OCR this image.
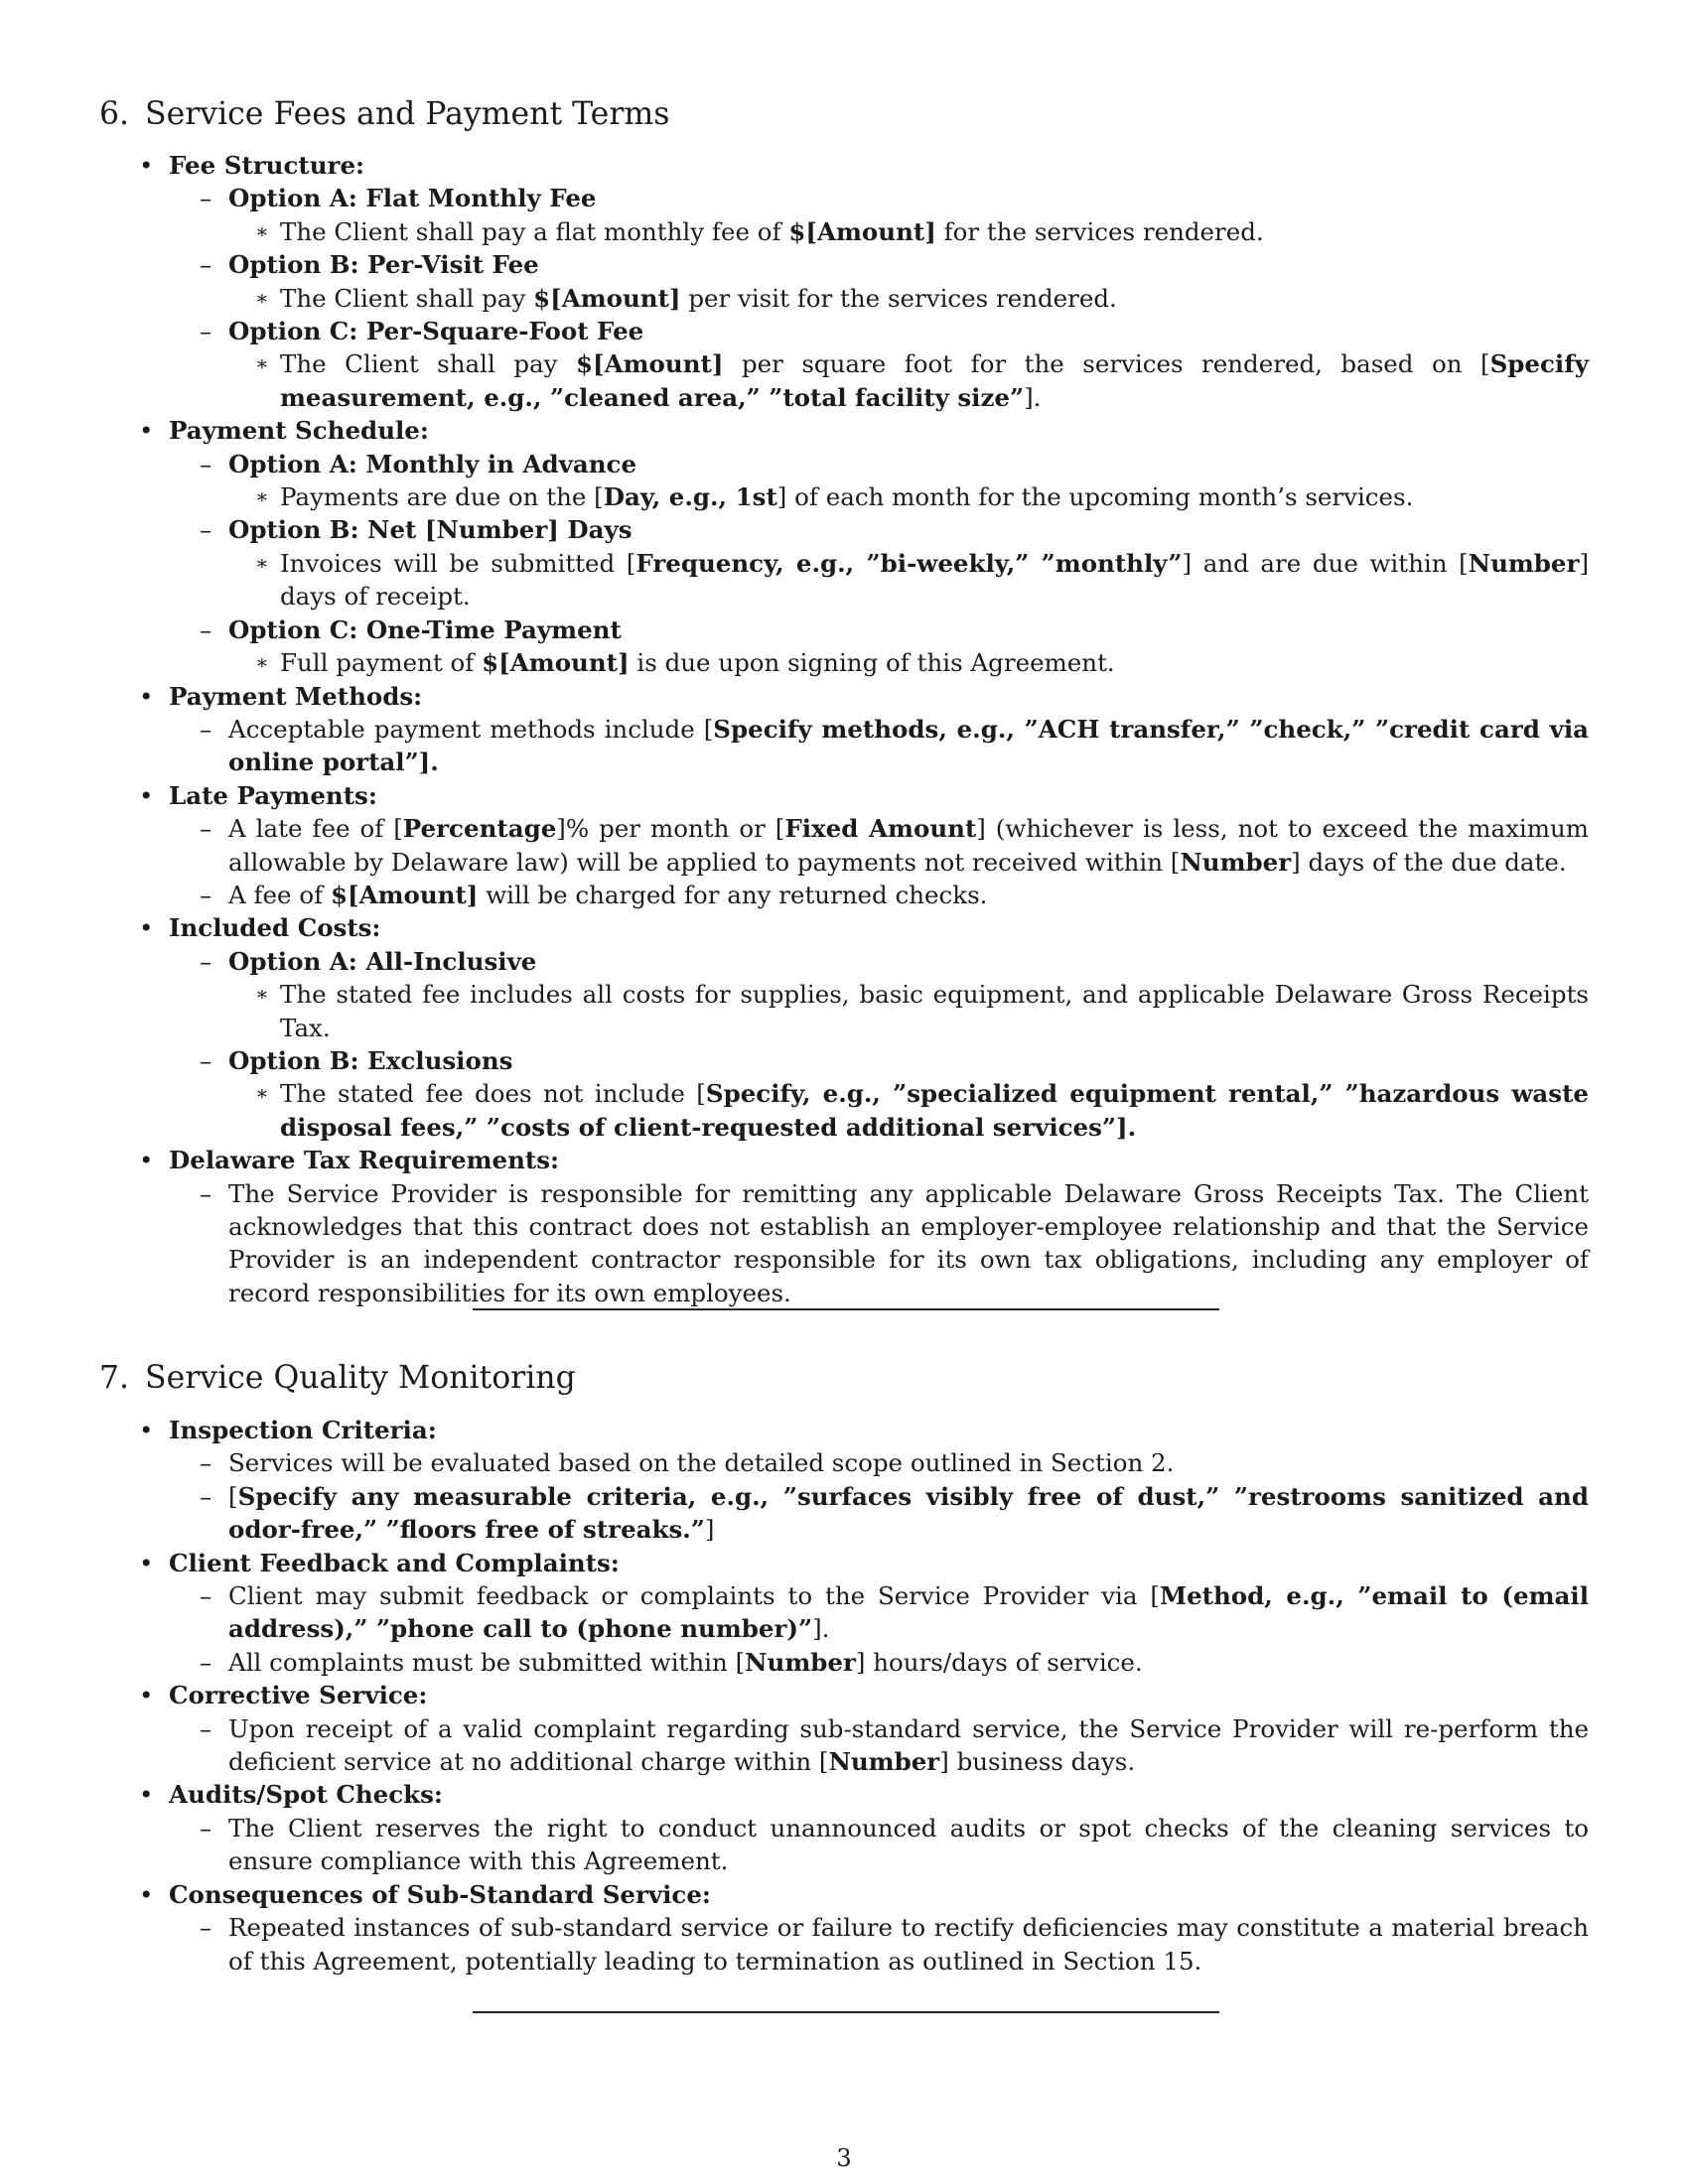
6. Service Fees and Payment Terms
• Fee Structure:
– Option A: Flat Monthly Fee

∗ The Client shall pay a flat monthly fee of $[Amount] for the services rendered.

– Option B: Per-Visit Fee

∗ The Client shall pay $[Amount] per visit for the services rendered.

– Option C: Per-Square-Foot Fee

∗ The Client shall pay $[Amount] per square foot for the services rendered, based on [Specify measurement, e.g., ”cleaned area,” ”total facility size”].

• Payment Schedule:
– Option A: Monthly in Advance

∗ Payments are due on the [Day, e.g., 1st] of each month for the upcoming month’s services.

– Option B: Net [Number] Days

∗ Invoices will be submitted [Frequency, e.g., ”bi-weekly,” ”monthly”] and are due within [Number] days of receipt.

– Option C: One-Time Payment

∗ Full payment of $[Amount] is due upon signing of this Agreement.

• Payment Methods:
– Acceptable payment methods include [Specify methods, e.g., ”ACH transfer,” ”check,” ”credit card via online portal”].

• Late Payments:
– A late fee of [Percentage]% per month or [Fixed Amount] (whichever is less, not to exceed the maximum allowable by Delaware law) will be applied to payments not received within [Number] days of the due date.

– A fee of $[Amount] will be charged for any returned checks.

• Included Costs:
– Option A: All-Inclusive

∗ The stated fee includes all costs for supplies, basic equipment, and applicable Delaware Gross Receipts Tax.

– Option B: Exclusions

∗ The stated fee does not include [Specify, e.g., ”specialized equipment rental,” ”hazardous waste disposal fees,” ”costs of client-requested additional services”].

• Delaware Tax Requirements:
– The Service Provider is responsible for remitting any applicable Delaware Gross Receipts Tax. The Client acknowledges that this contract does not establish an employer-employee relationship and that the Service Provider is an independent contractor responsible for its own tax obligations, including any employer of record responsibilities for its own employees.

7. Service Quality Monitoring
• Inspection Criteria:
– Services will be evaluated based on the detailed scope outlined in Section 2.

– [Specify any measurable criteria, e.g., ”surfaces visibly free of dust,” ”restrooms sanitized and odor-free,” ”floors free of streaks.”]

• Client Feedback and Complaints:
– Client may submit feedback or complaints to the Service Provider via [Method, e.g., ”email to (email address),” ”phone call to (phone number)”].

– All complaints must be submitted within [Number] hours/days of service.

• Corrective Service:
– Upon receipt of a valid complaint regarding sub-standard service, the Service Provider will re-perform the deficient service at no additional charge within [Number] business days.

• Audits/Spot Checks:
– The Client reserves the right to conduct unannounced audits or spot checks of the cleaning services to ensure compliance with this Agreement.

• Consequences of Sub-Standard Service:
– Repeated instances of sub-standard service or failure to rectify deficiencies may constitute a material breach of this Agreement, potentially leading to termination as outlined in Section 15.

3
